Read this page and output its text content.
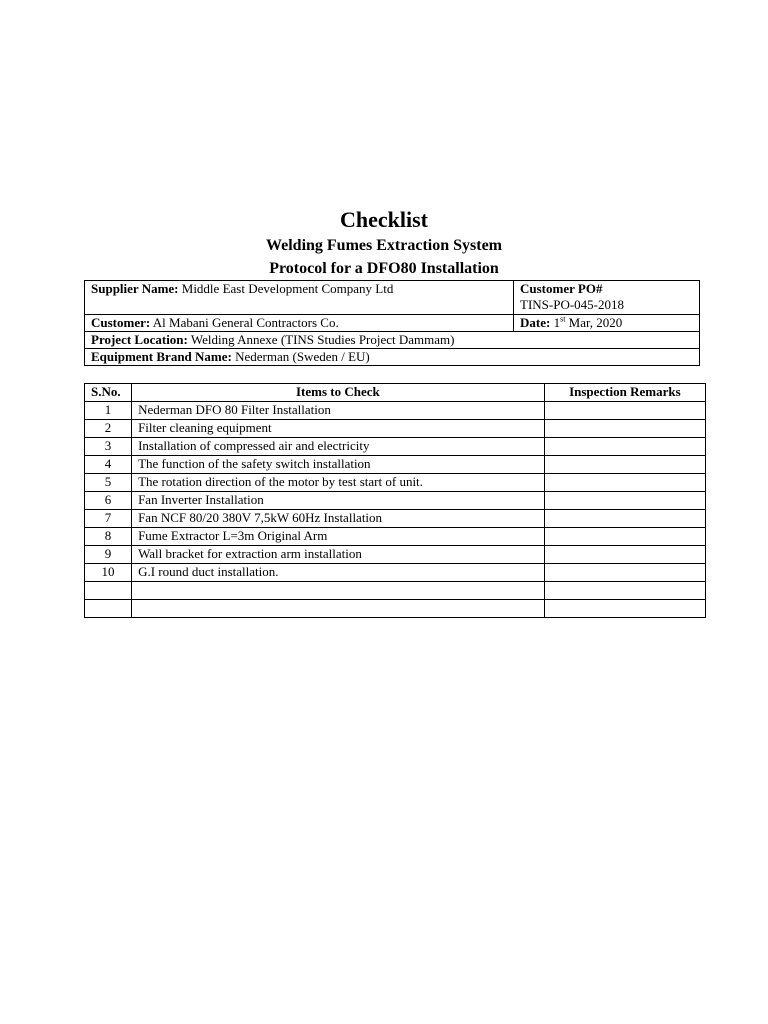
Checklist
Welding Fumes Extraction System
Protocol for a DFO80 Installation
Supplier Name: Middle East Development Company Ltd	Customer PO#
TINS-PO-045-2018

Customer: Al Mabani General Contractors Co.	Date: 1st Mar, 2020
Project Location: Welding Annexe (TINS Studies Project Dammam)	
Equipment Brand Name: Nederman (Sweden / EU)	
S.No.	Items to Check	Inspection Remarks
1	Nederman DFO 80 Filter Installation	
2	Filter cleaning equipment	
3	Installation of compressed air and electricity	
4	The function of the safety switch installation	
5	The rotation direction of the motor by test start of unit.	
6	Fan Inverter Installation	
7	Fan NCF 80/20 380V 7,5kW 60Hz Installation	
8	Fume Extractor L=3m Original Arm	
9	Wall bracket for extraction arm installation	
10	G.I round duct installation.	
